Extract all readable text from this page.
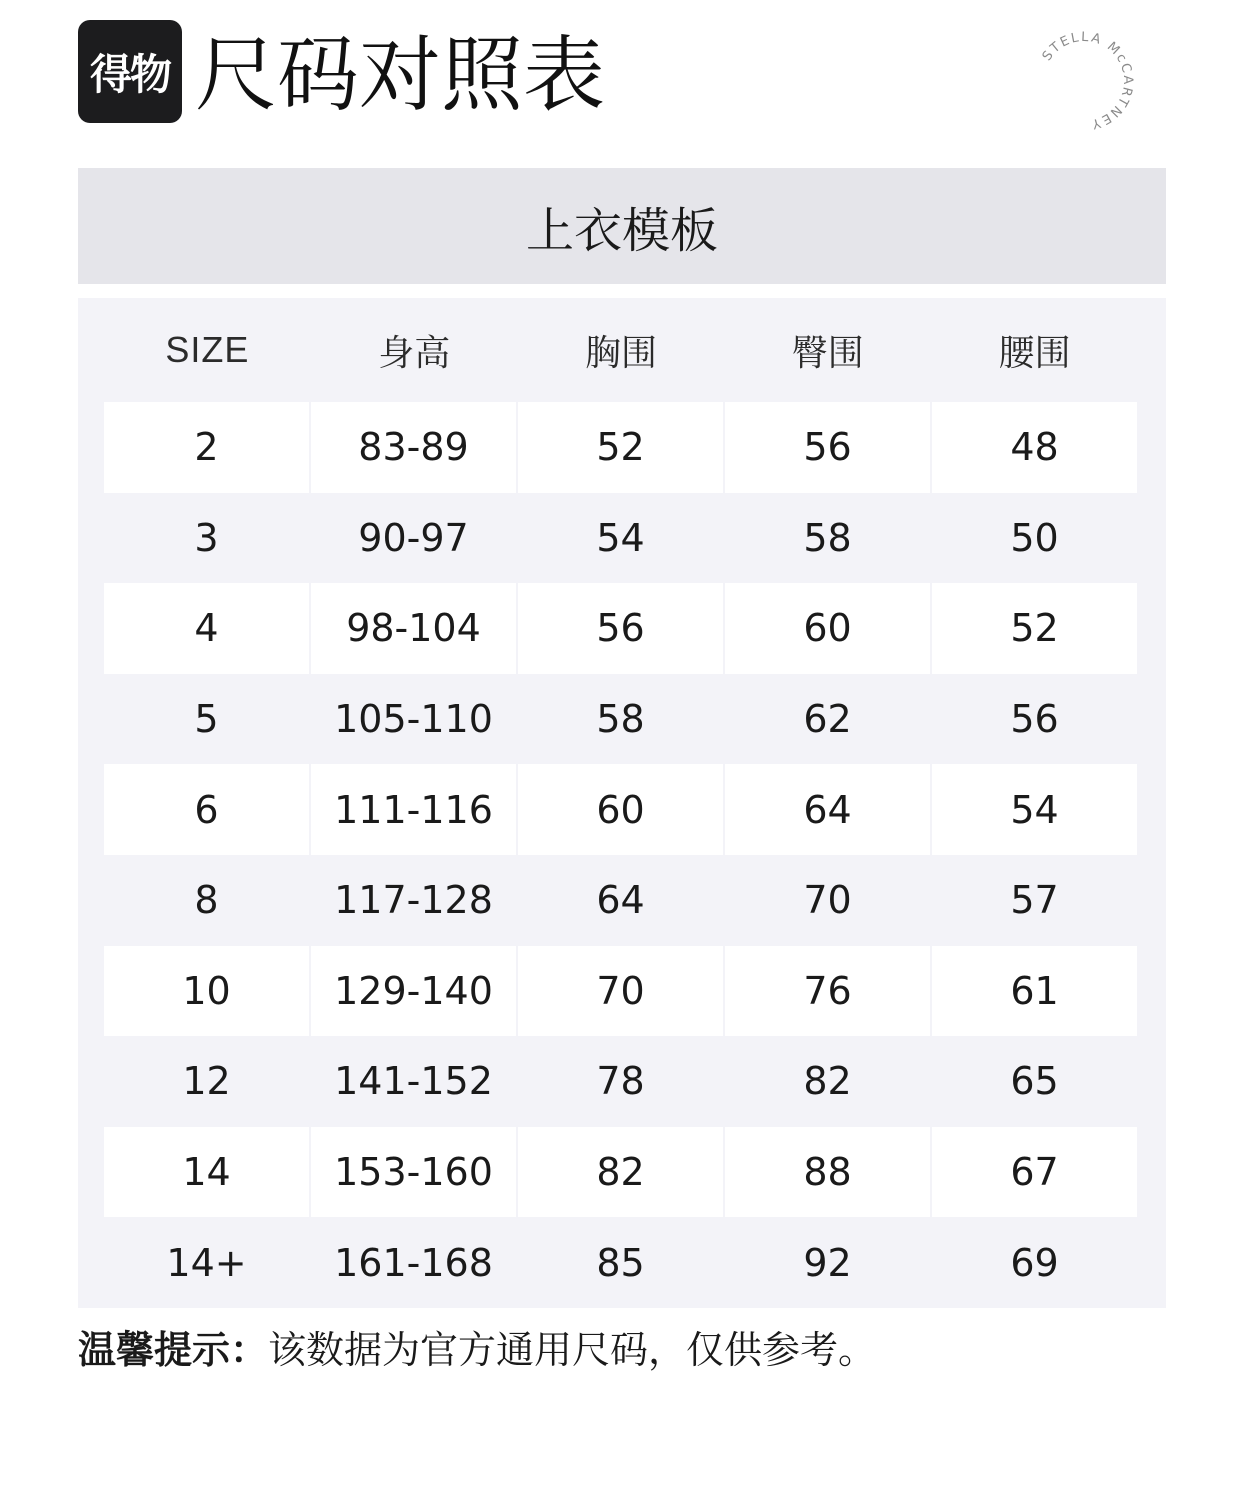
得物 尺码对照表	STELLA McCARTNEY
上衣模板
SIZE	身高	胸围	臀围	腰围
2	83-89	52	56	48
3	90-97	54	58	50
4	98-104	56	60	52
5	105-110	58	62	56
6	111-116	60	64	54
8	117-128	64	70	57
10	129-140	70	76	61
12	141-152	78	82	65
14	153-160	82	88	67
14+	161-168	85	92	69
温馨提示：该数据为官方通用尺码，仅供参考。
